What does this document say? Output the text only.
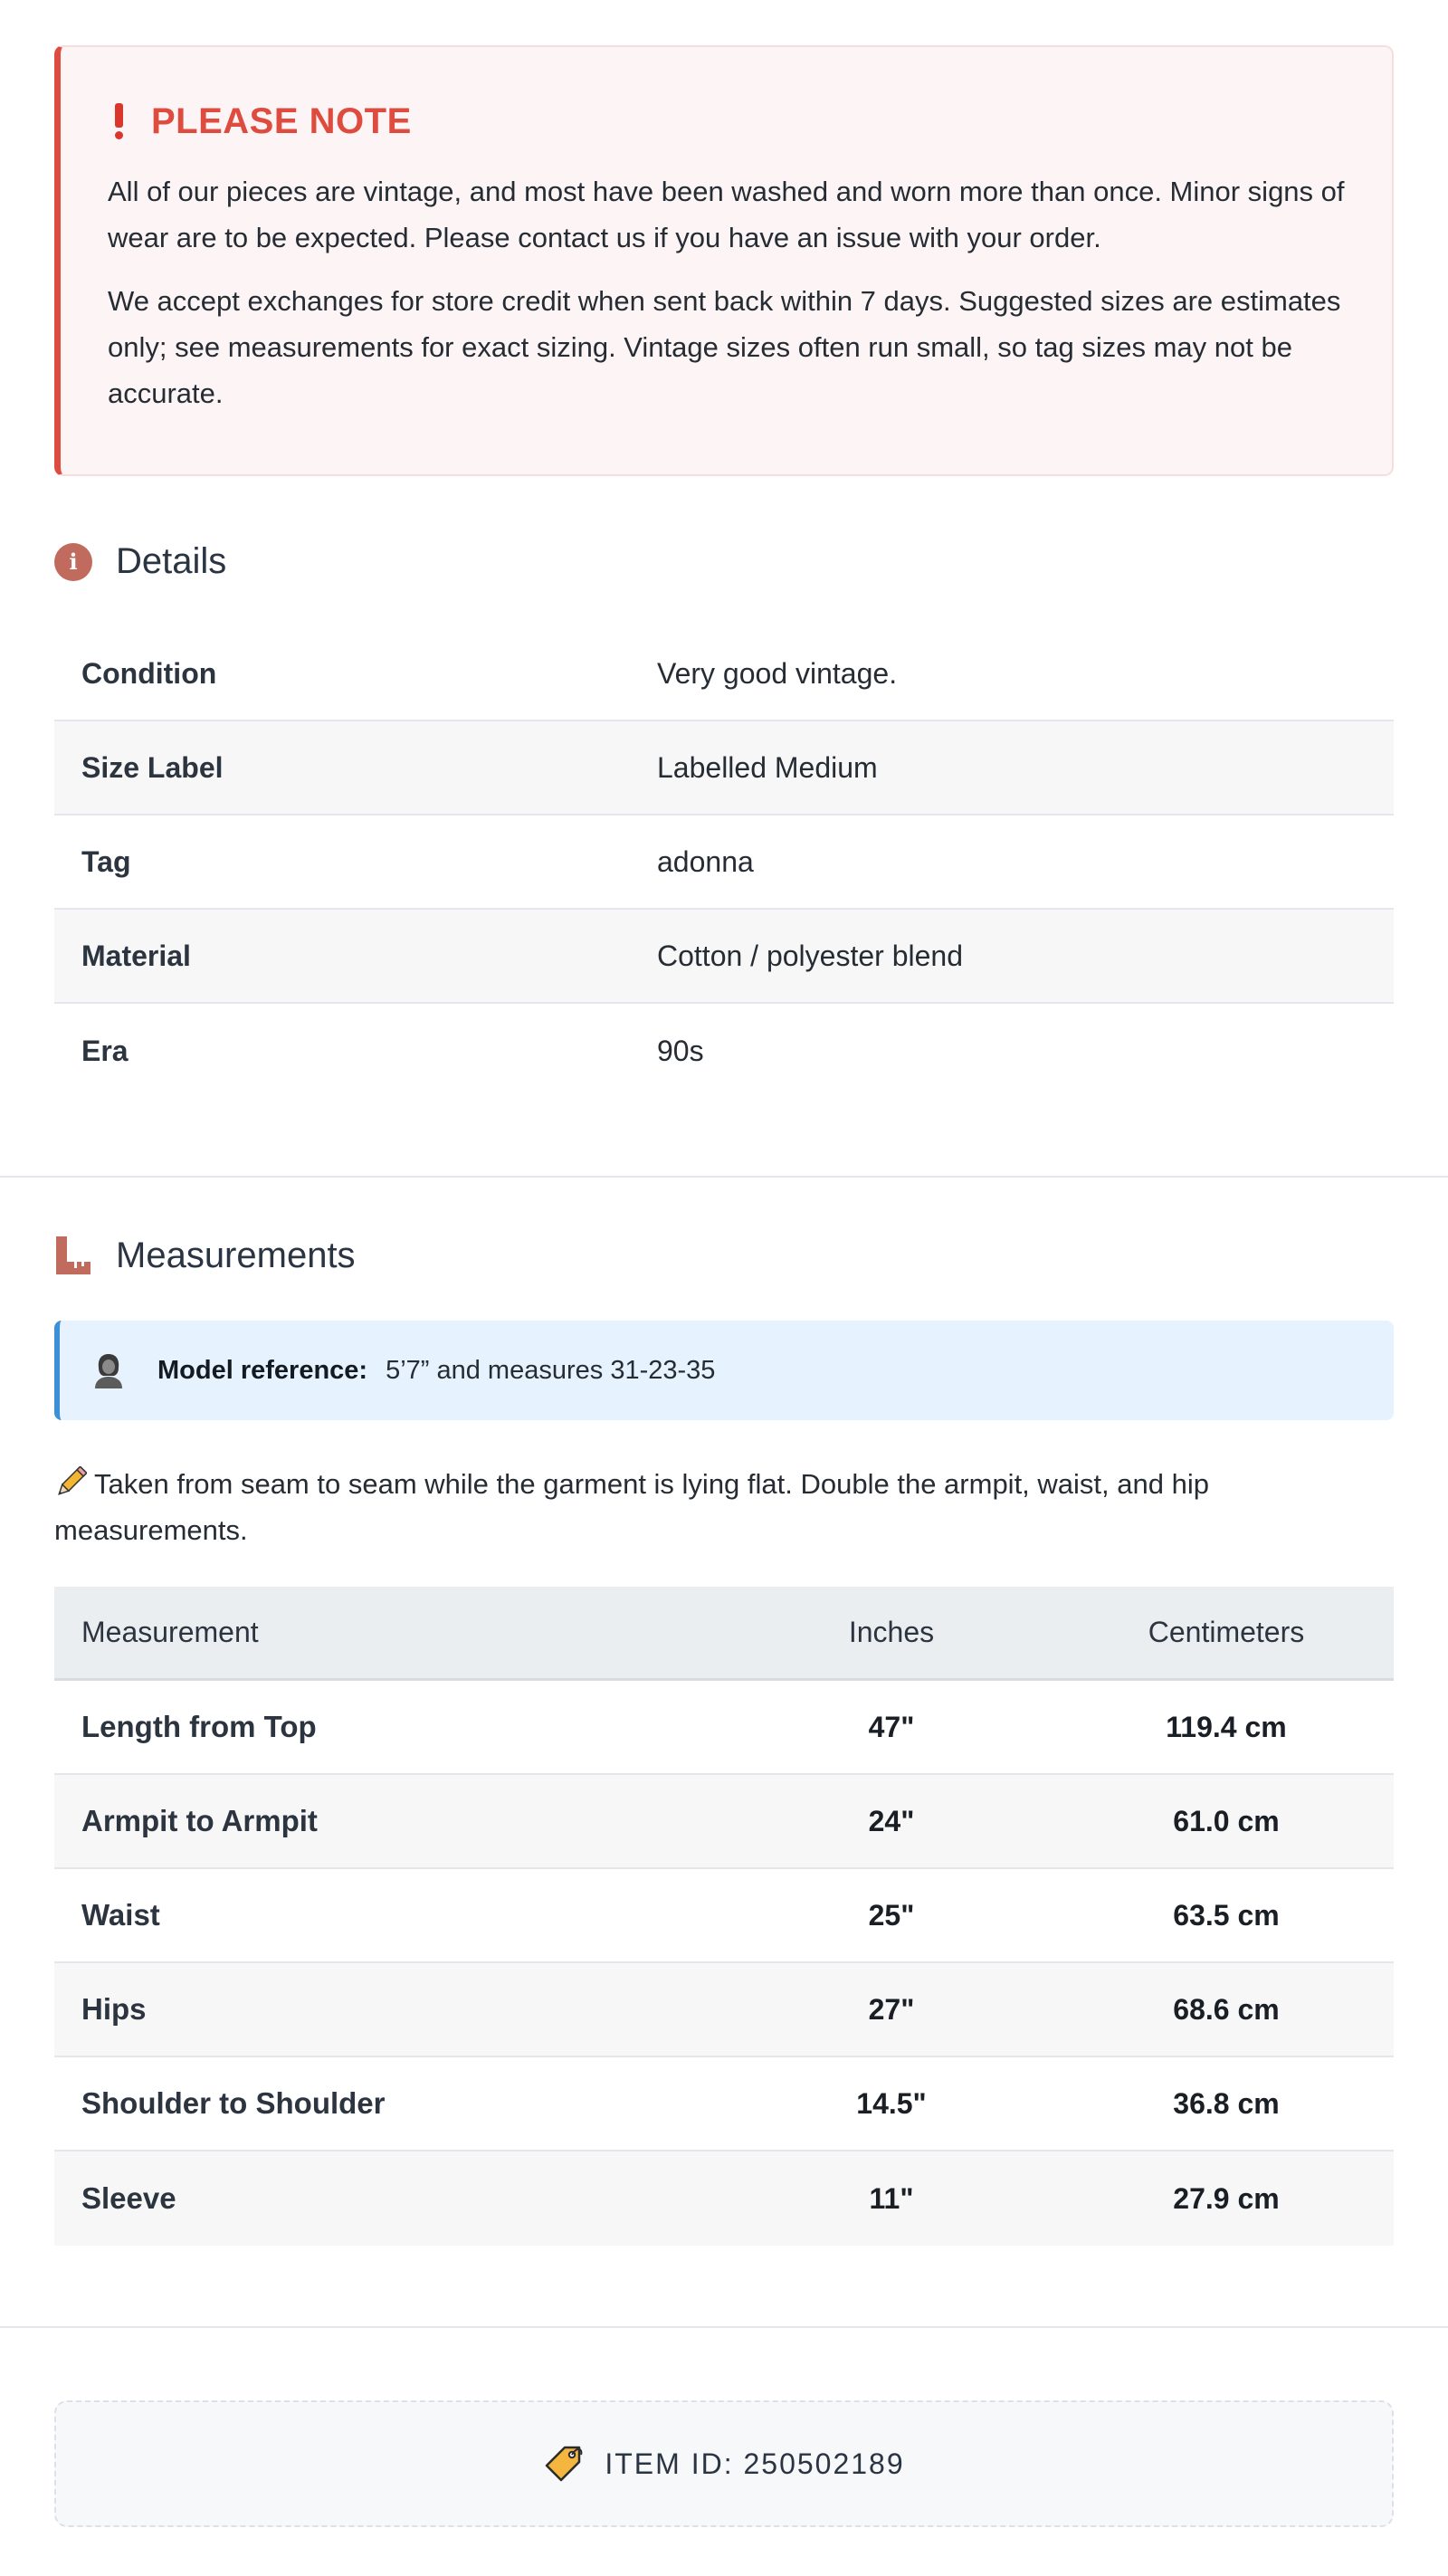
PLEASE NOTE

All of our pieces are vintage, and most have been washed and worn more than once. Minor signs of wear are to be expected. Please contact us if you have an issue with your order.

We accept exchanges for store credit when sent back within 7 days. Suggested sizes are estimates only; see measurements for exact sizing. Vintage sizes often run small, so tag sizes may not be accurate.

i	Details
Condition	Very good vintage.
Size Label	Labelled Medium
Tag	adonna
Material	Cotton / polyester blend
Era	90s
Measurements
Model reference: 5’7” and measures 31-23-35
Taken from seam to seam while the garment is lying flat. Double the armpit, waist, and hip measurements.
Measurement	Inches	Centimeters
Length from Top	47"	119.4 cm
Armpit to Armpit	24"	61.0 cm
Waist	25"	63.5 cm
Hips	27"	68.6 cm
Shoulder to Shoulder	14.5"	36.8 cm
Sleeve	11"	27.9 cm
ITEM ID: 250502189
